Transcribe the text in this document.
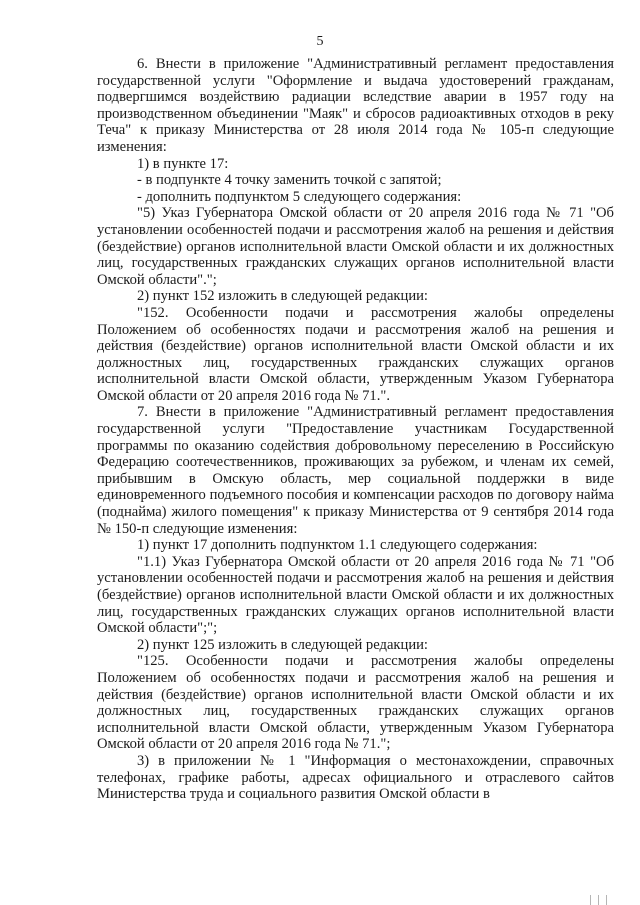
5

6. Внести в приложение "Административный регламент предоставления государственной услуги "Оформление и выдача удостоверений гражданам, подвергшимся воздействию радиации вследствие аварии в 1957 году на производственном объединении "Маяк" и сбросов радиоактивных отходов в реку Теча" к приказу Министерства от 28 июля 2014 года № 105-п следующие изменения:

1) в пункте 17:

- в подпункте 4 точку заменить точкой с запятой;

- дополнить подпунктом 5 следующего содержания:

"5) Указ Губернатора Омской области от 20 апреля 2016 года № 71 "Об установлении особенностей подачи и рассмотрения жалоб на решения и действия (бездействие) органов исполнительной власти Омской области и их должностных лиц, государственных гражданских служащих органов исполнительной власти Омской области".";

2) пункт 152 изложить в следующей редакции:

"152. Особенности подачи и рассмотрения жалобы определены Положением об особенностях подачи и рассмотрения жалоб на решения и действия (бездействие) органов исполнительной власти Омской области и их должностных лиц, государственных гражданских служащих органов исполнительной власти Омской области, утвержденным Указом Губернатора Омской области от 20 апреля 2016 года № 71.".

7. Внести в приложение "Административный регламент предоставления государственной услуги "Предоставление участникам Государственной программы по оказанию содействия добровольному переселению в Российскую Федерацию соотечественников, проживающих за рубежом, и членам их семей, прибывшим в Омскую область, мер социальной поддержки в виде единовременного подъемного пособия и компенсации расходов по договору найма (поднайма) жилого помещения" к приказу Министерства от 9 сентября 2014 года № 150-п следующие изменения:

1) пункт 17 дополнить подпунктом 1.1 следующего содержания:

"1.1) Указ Губернатора Омской области от 20 апреля 2016 года № 71 "Об установлении особенностей подачи и рассмотрения жалоб на решения и действия (бездействие) органов исполнительной власти Омской области и их должностных лиц, государственных гражданских служащих органов исполнительной власти Омской области";";

2) пункт 125 изложить в следующей редакции:

"125. Особенности подачи и рассмотрения жалобы определены Положением об особенностях подачи и рассмотрения жалоб на решения и действия (бездействие) органов исполнительной власти Омской области и их должностных лиц, государственных гражданских служащих органов исполнительной власти Омской области, утвержденным Указом Губернатора Омской области от 20 апреля 2016 года № 71.";

3) в приложении № 1 "Информация о местонахождении, справочных телефонах, графике работы, адресах официального и отраслевого сайтов Министерства труда и социального развития Омской области в
